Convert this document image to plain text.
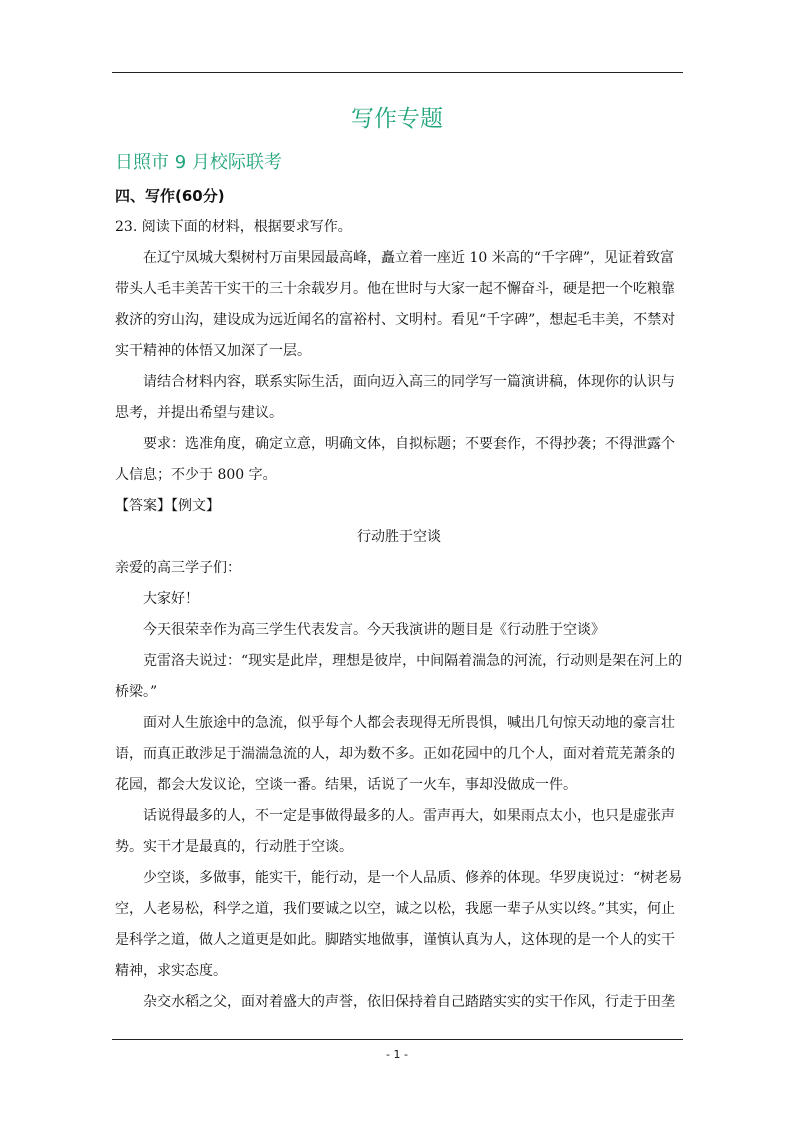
写作专题
日照市 9 月校际联考
四、写作(60分)

23. 阅读下面的材料，根据要求写作。

在辽宁凤城大梨树村万亩果园最高峰，矗立着一座近 10 米高的“千字碑”，见证着致富带头人毛丰美苦干实干的三十余载岁月。他在世时与大家一起不懈奋斗，硬是把一个吃粮靠救济的穷山沟，建设成为远近闻名的富裕村、文明村。看见“千字碑”，想起毛丰美，不禁对实干精神的体悟又加深了一层。

请结合材料内容，联系实际生活，面向迈入高三的同学写一篇演讲稿，体现你的认识与思考，并提出希望与建议。

要求：选准角度，确定立意，明确文体，自拟标题；不要套作，不得抄袭；不得泄露个人信息；不少于 800 字。

【答案】【例文】

行动胜于空谈

亲爱的高三学子们：

大家好！

今天很荣幸作为高三学生代表发言。今天我演讲的题目是《行动胜于空谈》

克雷洛夫说过：“现实是此岸，理想是彼岸，中间隔着湍急的河流，行动则是架在河上的桥梁。”

面对人生旅途中的急流，似乎每个人都会表现得无所畏惧，喊出几句惊天动地的豪言壮语，而真正敢涉足于湍湍急流的人，却为数不多。正如花园中的几个人，面对着荒芜萧条的花园，都会大发议论，空谈一番。结果，话说了一火车，事却没做成一件。

话说得最多的人，不一定是事做得最多的人。雷声再大，如果雨点太小，也只是虚张声势。实干才是最真的，行动胜于空谈。

少空谈，多做事，能实干，能行动，是一个人品质、修养的体现。华罗庚说过：“树老易空，人老易松，科学之道，我们要诚之以空，诚之以松，我愿一辈子从实以终。”其实，何止是科学之道，做人之道更是如此。脚踏实地做事，谨慎认真为人，这体现的是一个人的实干精神，求实态度。

杂交水稻之父，面对着盛大的声誉，依旧保持着自己踏踏实实的实干作风，行走于田垄

- 1 -
